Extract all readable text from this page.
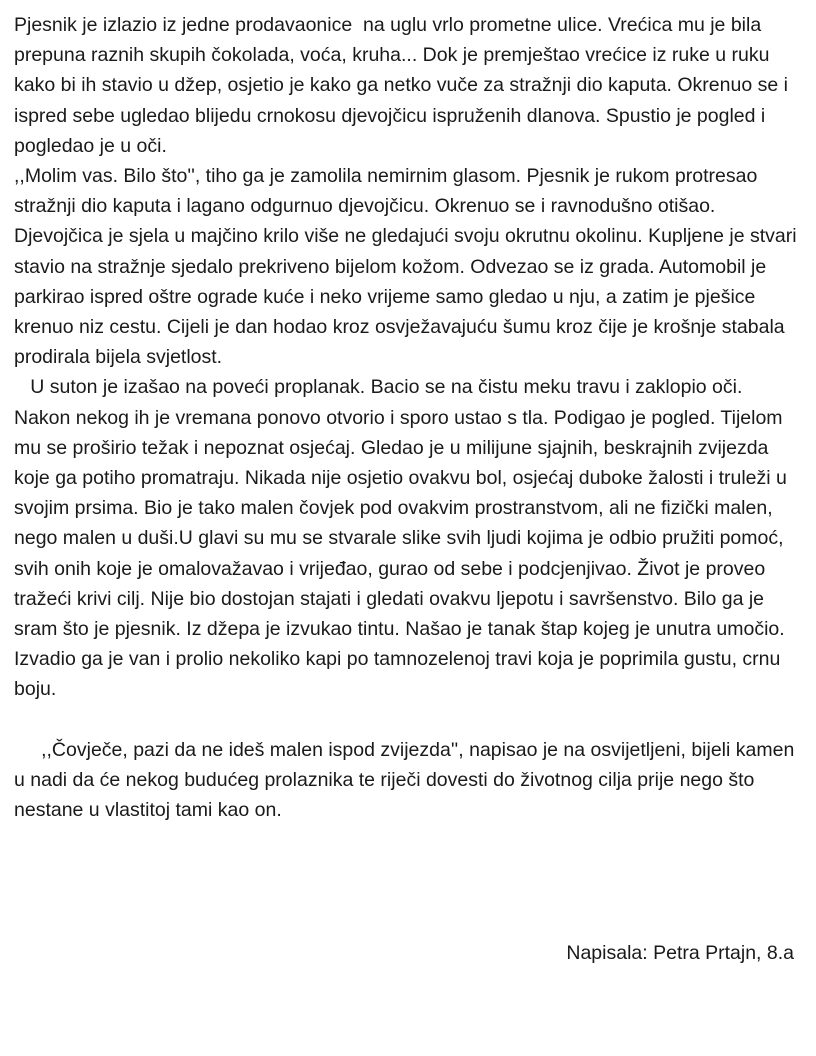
Pjesnik je izlazio iz jedne prodavaonice  na uglu vrlo prometne ulice. Vrećica mu je bila prepuna raznih skupih čokolada, voća, kruha... Dok je premještao vrećice iz ruke u ruku kako bi ih stavio u džep, osjetio je kako ga netko vuče za stražnji dio kaputa. Okrenuo se i ispred sebe ugledao blijedu crnokosu djevojčicu ispruženih dlanova. Spustio je pogled i pogledao je u oči.

,,Molim vas. Bilo što'', tiho ga je zamolila nemirnim glasom. Pjesnik je rukom protresao stražnji dio kaputa i lagano odgurnuo djevojčicu. Okrenuo se i ravnodušno otišao. Djevojčica je sjela u majčino krilo više ne gledajući svoju okrutnu okolinu. Kupljene je stvari stavio na stražnje sjedalo prekriveno bijelom kožom. Odvezao se iz grada. Automobil je parkirao ispred oštre ograde kuće i neko vrijeme samo gledao u nju, a zatim je pješice krenuo niz cestu. Cijeli je dan hodao kroz osvježavajuću šumu kroz čije je krošnje stabala prodirala bijela svjetlost.

U suton je izašao na poveći proplanak. Bacio se na čistu meku travu i zaklopio oči. Nakon nekog ih je vremana ponovo otvorio i sporo ustao s tla. Podigao je pogled. Tijelom mu se proširio težak i nepoznat osjećaj. Gledao je u milijune sjajnih, beskrajnih zvijezda koje ga potiho promatraju. Nikada nije osjetio ovakvu bol, osjećaj duboke žalosti i truleži u svojim prsima. Bio je tako malen čovjek pod ovakvim prostranstvom, ali ne fizički malen, nego malen u duši.U glavi su mu se stvarale slike svih ljudi kojima je odbio pružiti pomoć, svih onih koje je omalovažavao i vrijeđao, gurao od sebe i podcjenjivao. Život je proveo tražeći krivi cilj. Nije bio dostojan stajati i gledati ovakvu ljepotu i savršenstvo. Bilo ga je sram što je pjesnik. Iz džepa je izvukao tintu. Našao je tanak štap kojeg je unutra umočio. Izvadio ga je van i prolio nekoliko kapi po tamnozelenoj travi koja je poprimila gustu, crnu boju.

,,Čovječe, pazi da ne ideš malen ispod zvijezda'', napisao je na osvijetljeni, bijeli kamen u nadi da će nekog budućeg prolaznika te riječi dovesti do životnog cilja prije nego što nestane u vlastitoj tami kao on.

Napisala: Petra Prtajn, 8.a
